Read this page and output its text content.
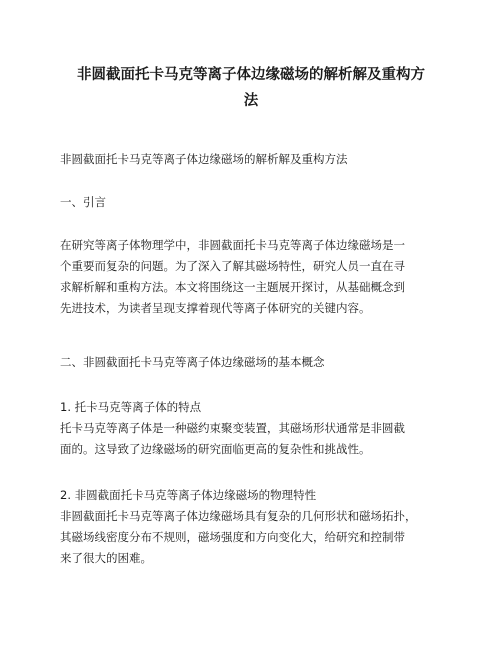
非圆截面托卡马克等离子体边缘磁场的解析解及重构方
法

非圆截面托卡马克等离子体边缘磁场的解析解及重构方法

一、引言

在研究等离子体物理学中，非圆截面托卡马克等离子体边缘磁场是一

个重要而复杂的问题。为了深入了解其磁场特性，研究人员一直在寻

求解析解和重构方法。本文将围绕这一主题展开探讨，从基础概念到

先进技术，为读者呈现支撑着现代等离子体研究的关键内容。

二、非圆截面托卡马克等离子体边缘磁场的基本概念

1. 托卡马克等离子体的特点

托卡马克等离子体是一种磁约束聚变装置，其磁场形状通常是非圆截

面的。这导致了边缘磁场的研究面临更高的复杂性和挑战性。

2. 非圆截面托卡马克等离子体边缘磁场的物理特性

非圆截面托卡马克等离子体边缘磁场具有复杂的几何形状和磁场拓扑，

其磁场线密度分布不规则，磁场强度和方向变化大，给研究和控制带

来了很大的困难。
